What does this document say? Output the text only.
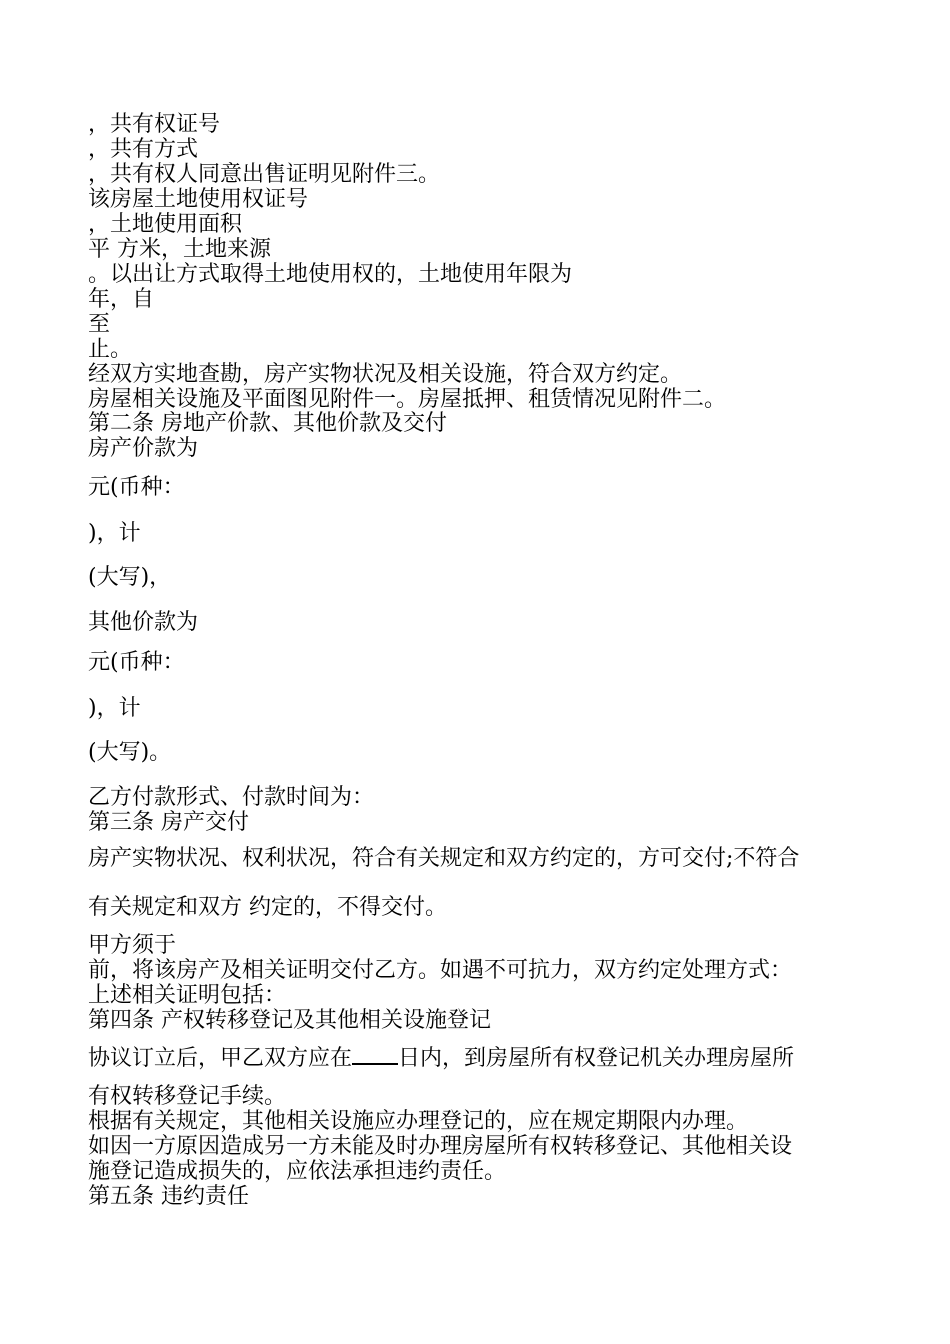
，共有权证号

，共有方式

，共有权人同意出售证明见附件三。

该房屋土地使用权证号

，土地使用面积

平 方米，土地来源

。以出让方式取得土地使用权的，土地使用年限为

年，自

至

止。

经双方实地查勘，房产实物状况及相关设施，符合双方约定。

房屋相关设施及平面图见附件一。房屋抵押、租赁情况见附件二。

第二条 房地产价款、其他价款及交付

房产价款为

元(币种：

)，计

(大写)，

其他价款为

元(币种：

)，计

(大写)。

乙方付款形式、付款时间为：

第三条 房产交付

房产实物状况、权利状况，符合有关规定和双方约定的，方可交付;不符合

有关规定和双方 约定的，不得交付。

甲方须于

前，将该房产及相关证明交付乙方。如遇不可抗力，双方约定处理方式：

上述相关证明包括：

第四条 产权转移登记及其他相关设施登记

协议订立后，甲乙双方应在 日内，到房屋所有权登记机关办理房屋所

有权转移登记手续。

根据有关规定，其他相关设施应办理登记的，应在规定期限内办理。

如因一方原因造成另一方未能及时办理房屋所有权转移登记、其他相关设

施登记造成损失的，应依法承担违约责任。

第五条 违约责任
